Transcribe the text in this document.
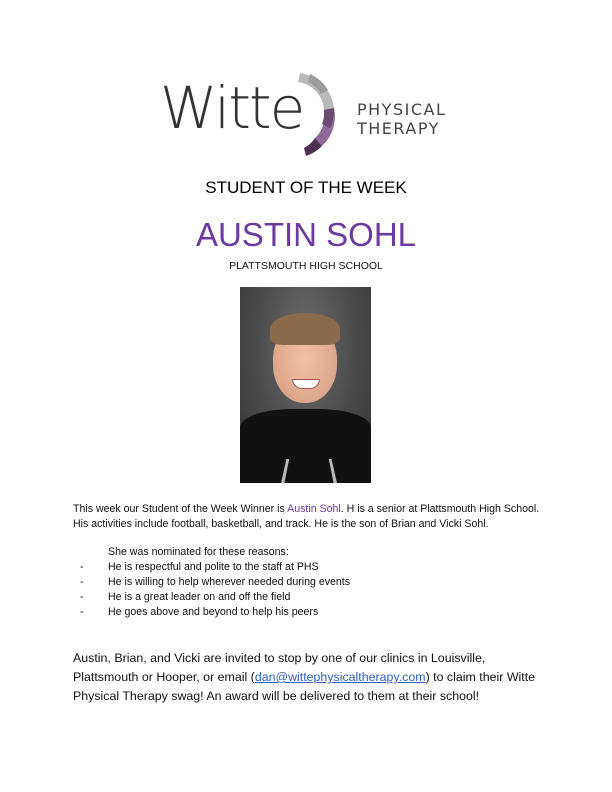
Witte	PHYSICAL
THERAPY
STUDENT OF THE WEEK
AUSTIN SOHL
PLATTSMOUTH HIGH SCHOOL
This week our Student of the Week Winner is Austin Sohl. H is a senior at Plattsmouth High School. His activities include football, basketball, and track. He is the son of Brian and Vicki Sohl.
She was nominated for these reasons:
- He is respectful and polite to the staff at PHS
- He is willing to help wherever needed during events
- He is a great leader on and off the field
- He goes above and beyond to help his peers
Austin, Brian, and Vicki are invited to stop by one of our clinics in Louisville, Plattsmouth or Hooper, or email (dan@wittephysicaltherapy.com) to claim their Witte Physical Therapy swag! An award will be delivered to them at their school!
